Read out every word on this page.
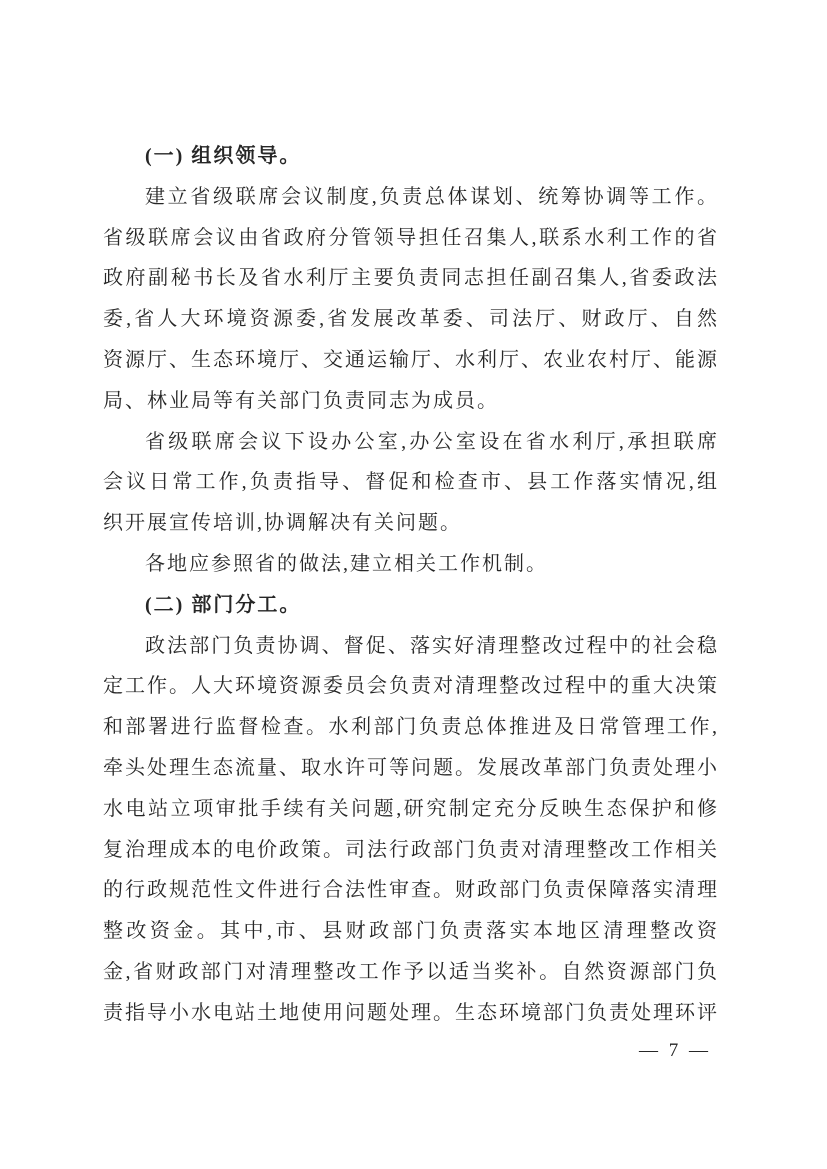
(一) 组织领导。
建立省级联席会议制度,负责总体谋划、统筹协调等工作。
省级联席会议由省政府分管领导担任召集人,联系水利工作的省
政府副秘书长及省水利厅主要负责同志担任副召集人,省委政法
委,省人大环境资源委,省发展改革委、司法厅、财政厅、自然
资源厅、生态环境厅、交通运输厅、水利厅、农业农村厅、能源
局、林业局等有关部门负责同志为成员。
省级联席会议下设办公室,办公室设在省水利厅,承担联席
会议日常工作,负责指导、督促和检查市、县工作落实情况,组
织开展宣传培训,协调解决有关问题。
各地应参照省的做法,建立相关工作机制。
(二) 部门分工。
政法部门负责协调、督促、落实好清理整改过程中的社会稳
定工作。人大环境资源委员会负责对清理整改过程中的重大决策
和部署进行监督检查。水利部门负责总体推进及日常管理工作,
牵头处理生态流量、取水许可等问题。发展改革部门负责处理小
水电站立项审批手续有关问题,研究制定充分反映生态保护和修
复治理成本的电价政策。司法行政部门负责对清理整改工作相关
的行政规范性文件进行合法性审查。财政部门负责保障落实清理
整改资金。其中,市、县财政部门负责落实本地区清理整改资
金,省财政部门对清理整改工作予以适当奖补。自然资源部门负
责指导小水电站土地使用问题处理。生态环境部门负责处理环评
— 7 —
